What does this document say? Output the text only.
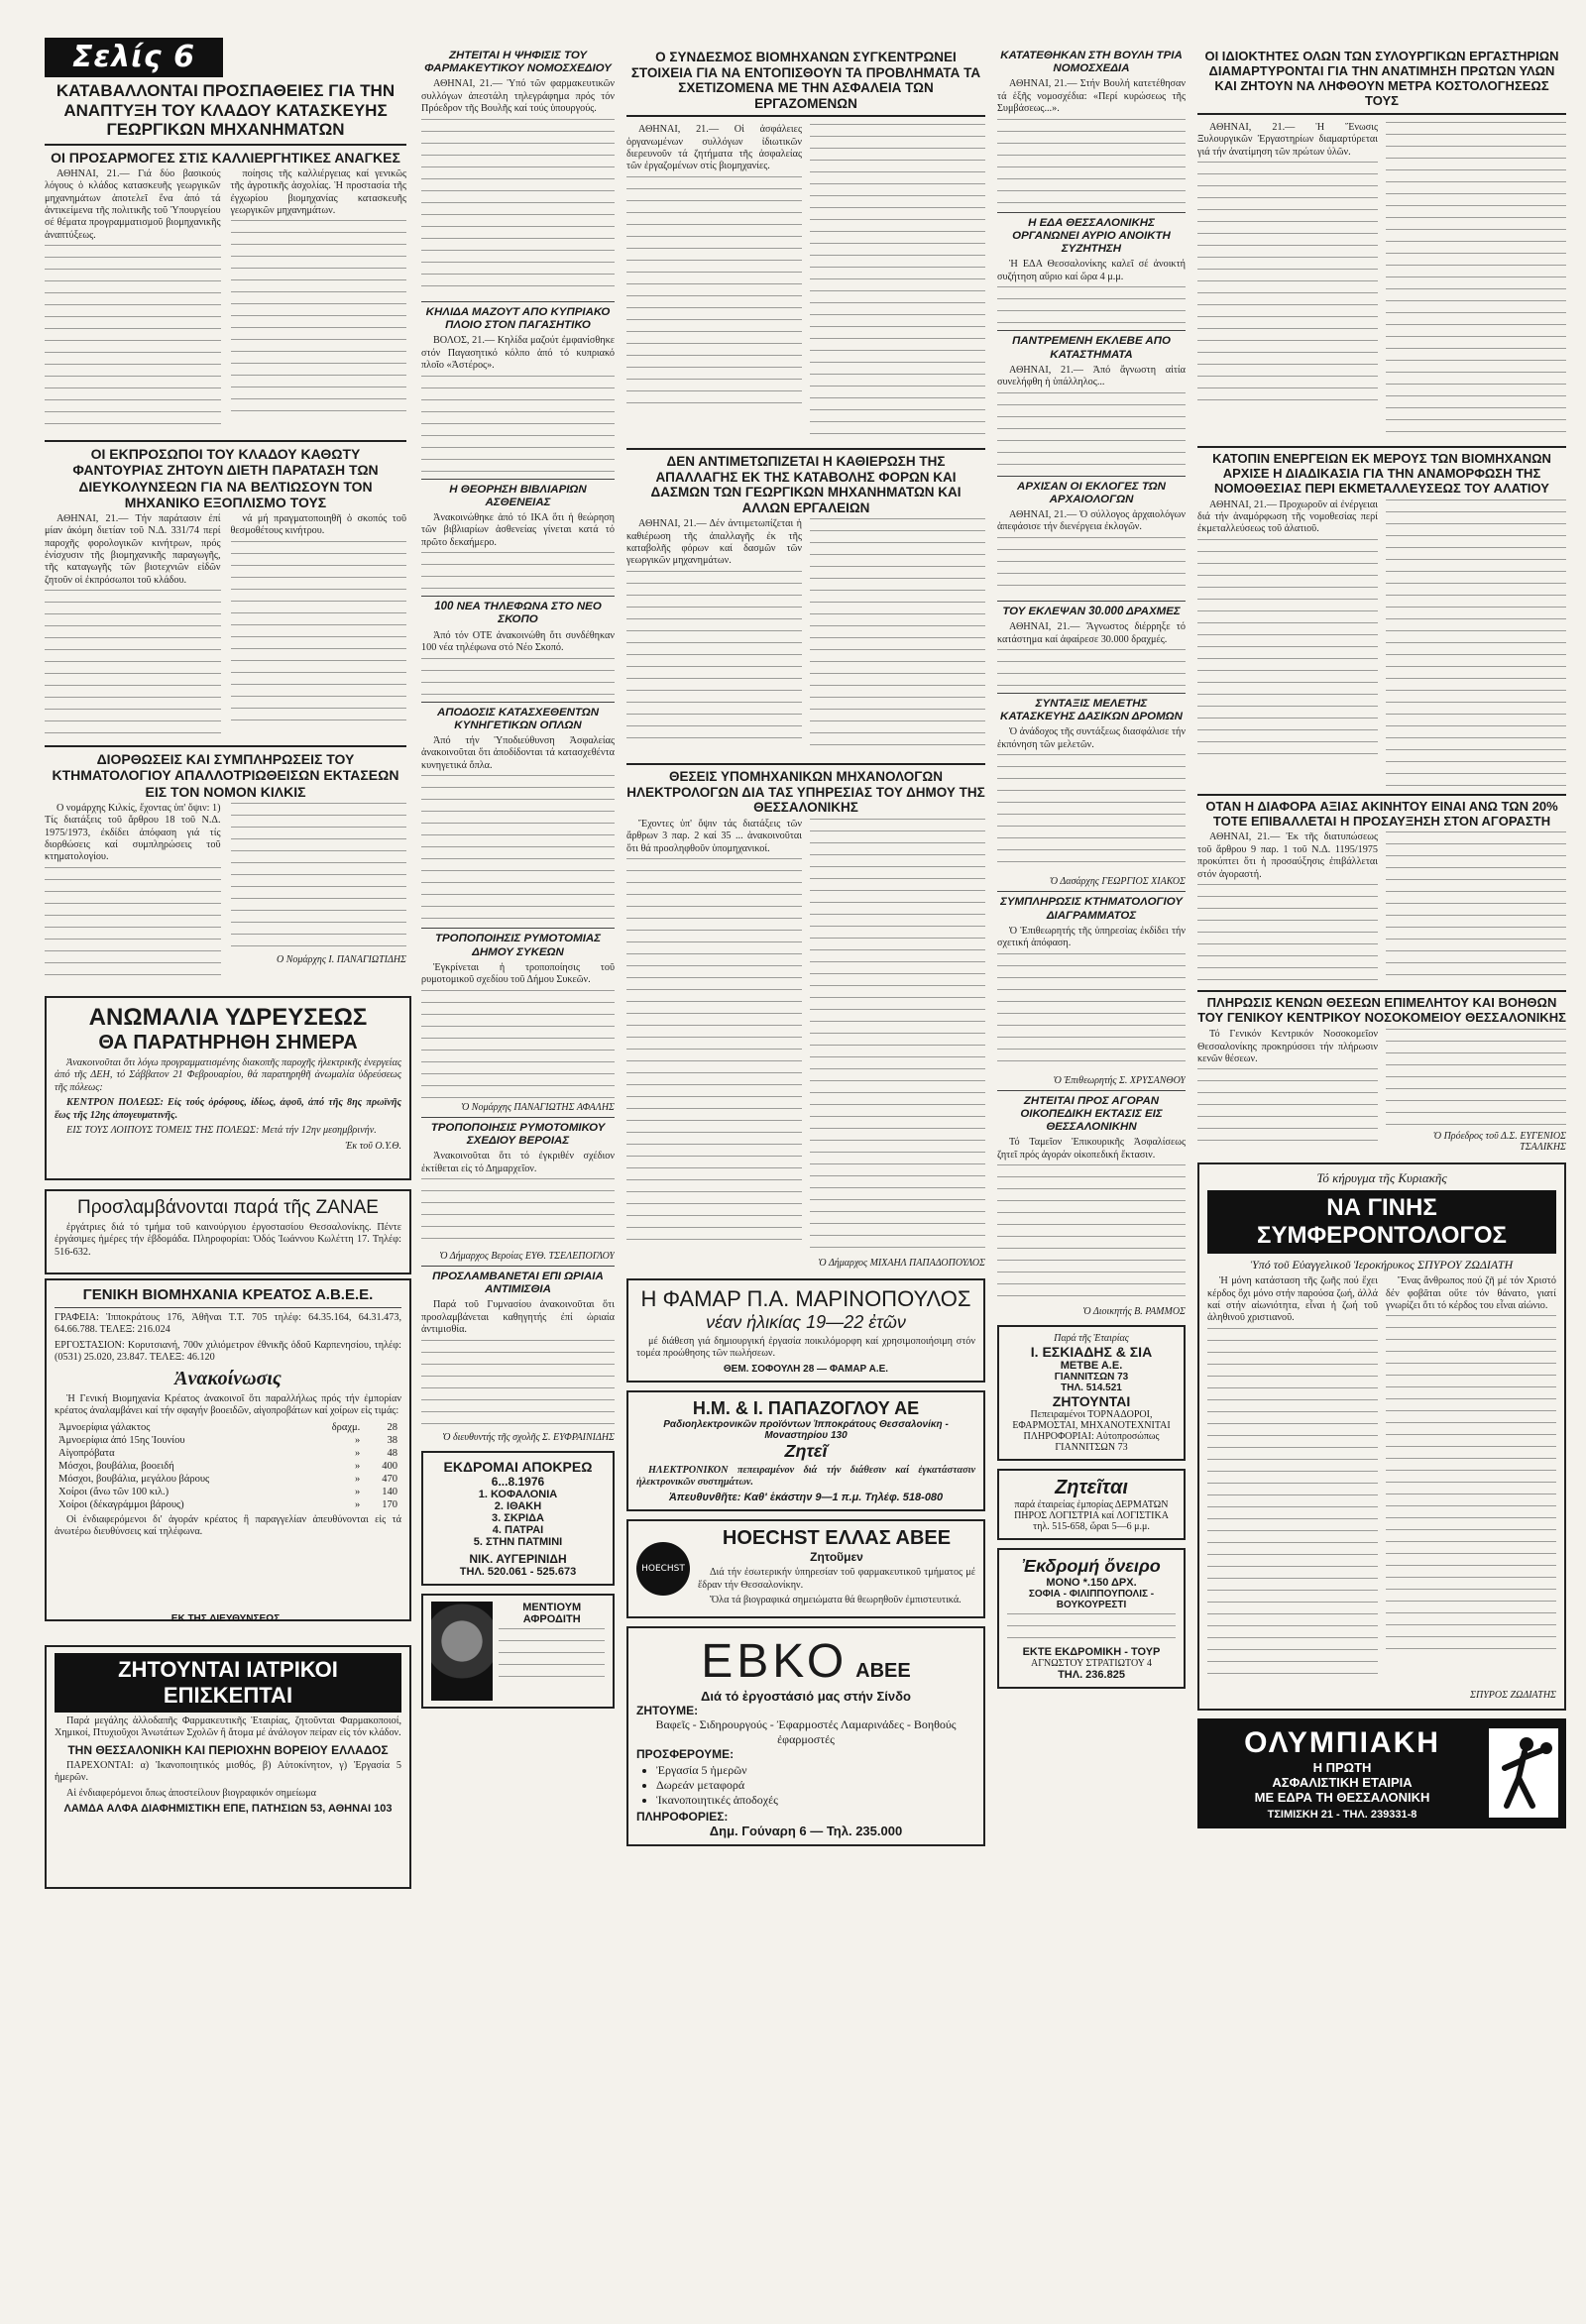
Σελίς 6
ΚΑΤΑΒΑΛΛΟΝΤΑΙ ΠΡΟΣΠΑΘΕΙΕΣ ΓΙΑ ΤΗΝ ΑΝΑΠΤΥΞΗ ΤΟΥ ΚΛΑΔΟΥ ΚΑΤΑΣΚΕΥΗΣ ΓΕΩΡΓΙΚΩΝ ΜΗΧΑΝΗΜΑΤΩΝ
ΟΙ ΠΡΟΣΑΡΜΟΓΕΣ ΣΤΙΣ ΚΑΛΛΙΕΡΓΗΤΙΚΕΣ ΑΝΑΓΚΕΣ

ΑΘΗΝΑΙ, 21.— Γιά δύο βασικούς λόγους ὁ κλάδος κατασκευῆς γεωργικῶν μηχανημάτων ἀποτελεῖ ἕνα ἀπό τά ἀντικείμενα τῆς πολιτικῆς τοῦ Ὑπουργείου σέ θέματα προγραμματισμοῦ βιομηχανικῆς ἀναπτύξεως.

ποίησις τῆς καλλιέργειας καί γενικῶς τῆς ἀγροτικῆς ἀσχολίας. Ἡ προστασία τῆς ἐγχωρίου βιομηχανίας κατασκευῆς γεωργικῶν μηχανημάτων.

ΟΙ ΕΚΠΡΟΣΩΠΟΙ ΤΟΥ ΚΛΑΔΟΥ ΚΑΘΩΤΥ ΦΑΝΤΟΥΡΙΑΣ ΖΗΤΟΥΝ ΔΙΕΤΗ ΠΑΡΑΤΑΣΗ ΤΩΝ ΔΙΕΥΚΟΛΥΝΣΕΩΝ ΓΙΑ ΝΑ ΒΕΛΤΙΩΣΟΥΝ ΤΟΝ ΜΗΧΑΝΙΚΟ ΕΞΟΠΛΙΣΜΟ ΤΟΥΣ

ΑΘΗΝΑΙ, 21.— Τήν παράτασιν ἐπί μίαν ἀκόμη διετίαν τοῦ Ν.Δ. 331/74 περί παροχῆς φορολογικῶν κινήτρων, πρός ἐνίσχυσιν τῆς βιομηχανικῆς παραγωγῆς, τῆς καταγωγῆς τῶν βιοτεχνιῶν εἰδῶν ζητοῦν οἱ ἐκπρόσωποι τοῦ κλάδου.

νά μή πραγματοποιηθῆ ὁ σκοπός τοῦ θεσμοθέτους κινήτρου.

ΔΙΟΡΘΩΣΕΙΣ ΚΑΙ ΣΥΜΠΛΗΡΩΣΕΙΣ ΤΟΥ ΚΤΗΜΑΤΟΛΟΓΙΟΥ ΑΠΑΛΛΟΤΡΙΩΘΕΙΣΩΝ ΕΚΤΑΣΕΩΝ ΕΙΣ ΤΟΝ ΝΟΜΟΝ ΚΙΛΚΙΣ

Ο νομάρχης Κιλκίς, ἔχοντας ὑπ' ὄψιν: 1) Τίς διατάξεις τοῦ ἄρθρου 18 τοῦ Ν.Δ. 1975/1973, ἐκδίδει ἀπόφαση γιά τίς διορθώσεις καί συμπληρώσεις τοῦ κτηματολογίου.

Ο Νομάρχης Ι. ΠΑΝΑΓΙΩΤΙΔΗΣ

ΑΝΩΜΑΛΙΑ ΥΔΡΕΥΣΕΩΣ
ΘΑ ΠΑΡΑΤΗΡΗΘΗ ΣΗΜΕΡΑ

Ἀνακοινοῦται ὅτι λόγω προγραμματισμένης διακοπῆς παροχῆς ἠλεκτρικῆς ἐνεργείας ἀπό τῆς ΔΕΗ, τό Σάββατον 21 Φεβρουαρίου, θά παρατηρηθῆ ἀνωμαλία ὑδρεύσεως τῆς πόλεως:

ΚΕΝΤΡΟΝ ΠΟΛΕΩΣ: Εἰς τούς ὀρόφους, ἰδίως, ἀφοῦ, ἀπό τῆς 8ης πρωϊνῆς ἕως τῆς 12ης ἀπογευματινῆς.

ΕΙΣ ΤΟΥΣ ΛΟΙΠΟΥΣ ΤΟΜΕΙΣ ΤΗΣ ΠΟΛΕΩΣ: Μετά τήν 12ην μεσημβρινήν.

Ἐκ τοῦ Ο.Υ.Θ.
Προσλαμβάνονται παρά τῆς ΖΑΝΑΕ

ἐργάτριες διά τό τμήμα τοῦ καινούργιου ἐργοστασίου Θεσσαλονίκης. Πέντε ἐργάσιμες ἡμέρες τήν ἑβδομάδα. Πληροφορίαι: Ὁδός Ἰωάννου Κωλέττη 17. Τηλέφ: 516-632.

ΓΕΝΙΚΗ ΒΙΟΜΗΧΑΝΙΑ ΚΡΕΑΤΟΣ Α.Β.Ε.Ε.

ΓΡΑΦΕΙΑ: Ἱπποκράτους 176, Ἀθῆναι Τ.Τ. 705 τηλέφ: 64.35.164, 64.31.473, 64.66.788. ΤΕΛΕΞ: 216.024

ΕΡΓΟΣΤΑΣΙΟΝ: Κορυτσιανή, 700ν χιλιόμετρον ἐθνικῆς ὁδοῦ Καρπενησίου, τηλέφ: (0531) 25.020, 23.847. ΤΕΛΕΞ: 46.120

Ἀνακοίνωσις

Ἡ Γενική Βιομηχανία Κρέατος ἀνακοινοῖ ὅτι παραλλήλως πρός τήν ἐμπορίαν κρέατος ἀναλαμβάνει καί τήν σφαγήν βοοειδῶν, αἰγοπροβάτων καί χοίρων εἰς τιμάς:

Ἀμνοερίφια γάλακτος	δραχμ.	28
Ἀμνοερίφια ἀπό 15ης Ἰουνίου	»	38
Αἰγοπρόβατα	»	48
Μόσχοι, βουβάλια, βοοειδή	»	400
Μόσχοι, βουβάλια, μεγάλου βάρους	»	470
Χοίροι (ἄνω τῶν 100 κιλ.)	»	140
Χοίροι (δέκαγράμμοι βάρους)	»	170

Οἱ ἐνδιαφερόμενοι δι' ἀγοράν κρέατος ἢ παραγγελίαν ἀπευθύνονται εἰς τά ἀνωτέρω διευθύνσεις καί τηλέφωνα.

ΕΚ ΤΗΣ ΔΙΕΥΘΥΝΣΕΩΣ
ΖΗΤΟΥΝΤΑΙ ΙΑΤΡΙΚΟΙ ΕΠΙΣΚΕΠΤΑΙ

Παρά μεγάλης ἀλλοδαπῆς Φαρμακευτικῆς Ἑταιρίας, ζητοῦνται Φαρμακοποιοί, Χημικοί, Πτυχιοῦχοι Ἀνωτάτων Σχολῶν ἢ ἄτομα μέ ἀνάλογον πείραν εἰς τόν κλάδον.

ΤΗΝ ΘΕΣΣΑΛΟΝΙΚΗ ΚΑΙ ΠΕΡΙΟΧΗΝ ΒΟΡΕΙΟΥ ΕΛΛΑΔΟΣ

ΠΑΡΕΧΟΝΤΑΙ: α) Ἱκανοποιητικός μισθός, β) Αὐτοκίνητον, γ) Ἐργασία 5 ἡμερῶν.

Αἱ ἐνδιαφερόμενοι ὅπως ἀποστείλουν βιογραφικόν σημείωμα

ΛΑΜΔΑ ΑΛΦΑ ΔΙΑΦΗΜΙΣΤΙΚΗ ΕΠΕ, ΠΑΤΗΣΙΩΝ 53, ΑΘΗΝΑΙ 103
ΖΗΤΕΙΤΑΙ Η ΨΗΦΙΣΙΣ ΤΟΥ ΦΑΡΜΑΚΕΥΤΙΚΟΥ ΝΟΜΟΣΧΕΔΙΟΥ

ΑΘΗΝΑΙ, 21.— Ὑπό τῶν φαρμακευτικῶν συλλόγων ἀπεστάλη τηλεγράφημα πρός τόν Πρόεδρον τῆς Βουλῆς καί τούς ὑπουργούς.

ΚΗΛΙΔΑ ΜΑΖΟΥΤ ΑΠΟ ΚΥΠΡΙΑΚΟ ΠΛΟΙΟ ΣΤΟΝ ΠΑΓΑΣΗΤΙΚΟ

ΒΟΛΟΣ, 21.— Κηλίδα μαζούτ ἐμφανίσθηκε στόν Παγασητικό κόλπο ἀπό τό κυπριακό πλοῖο «Ἀστέρος».

Η ΘΕΟΡΗΣΗ ΒΙΒΛΙΑΡΙΩΝ ΑΣΘΕΝΕΙΑΣ

Ἀνακοινώθηκε ἀπό τό ΙΚΑ ὅτι ἡ θεώρηση τῶν βιβλιαρίων ἀσθενείας γίνεται κατά τό πρῶτο δεκαήμερο.

100 ΝΕΑ ΤΗΛΕΦΩΝΑ ΣΤΟ ΝΕΟ ΣΚΟΠΟ

Ἀπό τόν ΟΤΕ ἀνακοινώθη ὅτι συνδέθηκαν 100 νέα τηλέφωνα στό Νέο Σκοπό.

ΑΠΟΔΟΣΙΣ ΚΑΤΑΣΧΕΘΕΝΤΩΝ ΚΥΝΗΓΕΤΙΚΩΝ ΟΠΛΩΝ

Ἀπό τήν Ὑποδιεύθυνση Ἀσφαλείας ἀνακοινοῦται ὅτι ἀποδίδονται τά κατασχεθέντα κυνηγετικά ὅπλα.

ΤΡΟΠΟΠΟΙΗΣΙΣ ΡΥΜΟΤΟΜΙΑΣ ΔΗΜΟΥ ΣΥΚΕΩΝ

Ἐγκρίνεται ἡ τροποποίησις τοῦ ρυμοτομικοῦ σχεδίου τοῦ Δήμου Συκεῶν.

Ὁ Νομάρχης ΠΑΝΑΓΙΩΤΗΣ ΑΦΑΛΗΣ

ΤΡΟΠΟΠΟΙΗΣΙΣ ΡΥΜΟΤΟΜΙΚΟΥ ΣΧΕΔΙΟΥ ΒΕΡΟΙΑΣ

Ἀνακοινοῦται ὅτι τό ἐγκριθέν σχέδιον ἐκτίθεται εἰς τό Δημαρχεῖον.

Ὁ Δήμαρχος Βεροίας ΕΥΘ. ΤΣΕΛΕΠΟΓΛΟΥ

ΠΡΟΣΛΑΜΒΑΝΕΤΑΙ ΕΠΙ ΩΡΙΑΙΑ ΑΝΤΙΜΙΣΘΙΑ

Παρά τοῦ Γυμνασίου ἀνακοινοῦται ὅτι προσλαμβάνεται καθηγητής ἐπί ὡριαία ἀντιμισθία.

Ὁ διευθυντής τῆς σχολῆς Σ. ΕΥΦΡΑΙΝΙΔΗΣ

ΕΚΔΡΟΜΑΙ ΑΠΟΚΡΕΩ
6...8.1976
1. ΚΟΦΑΛΟΝΙΑ
2. ΙΘΑΚΗ
3. ΣΚΡΙΔΑ
4. ΠΑΤΡΑΙ
5. ΣΤΗΝ ΠΑΤΜΙΝΙ
ΝΙΚ. ΑΥΓΕΡΙΝΙΔΗ
ΤΗΛ. 520.061 - 525.673
ΜΕΝΤΙΟΥΜ ΑΦΡΟΔΙΤΗ
Ο ΣΥΝΔΕΣΜΟΣ ΒΙΟΜΗΧΑΝΩΝ ΣΥΓΚΕΝΤΡΩΝΕΙ ΣΤΟΙΧΕΙΑ ΓΙΑ ΝΑ ΕΝΤΟΠΙΣΘΟΥΝ ΤΑ ΠΡΟΒΛΗΜΑΤΑ ΤΑ ΣΧΕΤΙΖΟΜΕΝΑ ΜΕ ΤΗΝ ΑΣΦΑΛΕΙΑ ΤΩΝ ΕΡΓΑΖΟΜΕΝΩΝ

ΑΘΗΝΑΙ, 21.— Οἱ ἀσφάλειες ὀργανωμένων συλλόγων ἰδιωτικῶν διερευνοῦν τά ζητήματα τῆς ἀσφαλείας τῶν ἐργαζομένων στίς βιομηχανίες.

ΔΕΝ ΑΝΤΙΜΕΤΩΠΙΖΕΤΑΙ Η ΚΑΘΙΕΡΩΣΗ ΤΗΣ ΑΠΑΛΛΑΓΗΣ ΕΚ ΤΗΣ ΚΑΤΑΒΟΛΗΣ ΦΟΡΩΝ ΚΑΙ ΔΑΣΜΩΝ ΤΩΝ ΓΕΩΡΓΙΚΩΝ ΜΗΧΑΝΗΜΑΤΩΝ ΚΑΙ ΑΛΛΩΝ ΕΡΓΑΛΕΙΩΝ

ΑΘΗΝΑΙ, 21.— Δέν ἀντιμετωπίζεται ἡ καθιέρωση τῆς ἀπαλλαγῆς ἐκ τῆς καταβολῆς φόρων καί δασμῶν τῶν γεωργικῶν μηχανημάτων.

ΘΕΣΕΙΣ ΥΠΟΜΗΧΑΝΙΚΩΝ ΜΗΧΑΝΟΛΟΓΩΝ ΗΛΕΚΤΡΟΛΟΓΩΝ ΔΙΑ ΤΑΣ ΥΠΗΡΕΣΙΑΣ ΤΟΥ ΔΗΜΟΥ ΤΗΣ ΘΕΣΣΑΛΟΝΙΚΗΣ

Ἔχοντες ὑπ' ὄψιν τάς διατάξεις τῶν ἄρθρων 3 παρ. 2 καί 35 ... ἀνακοινοῦται ὅτι θά προσληφθοῦν ὑπομηχανικοί.

Ὁ Δήμαρχος ΜΙΧΑΗΛ ΠΑΠΑΔΟΠΟΥΛΟΣ

Η ΦΑΜΑΡ Π.Α. ΜΑΡΙΝΟΠΟΥΛΟΣ
νέαν ἡλικίας 19—22 ἐτῶν

μέ διάθεση γιά δημιουργική ἐργασία ποικιλόμορφη καί χρησιμοποιήσιμη στόν τομέα προώθησης τῶν πωλήσεων.

ΘΕΜ. ΣΟΦΟΥΛΗ 28 — ΦΑΜΑΡ Α.Ε.
Η.Μ. & Ι. ΠΑΠΑΖΟΓΛΟΥ ΑΕ
Ραδιοηλεκτρονικῶν προϊόντων Ἰπποκράτους Θεσσαλονίκη - Μοναστηρίου 130
Ζητεῖ

ΗΛΕΚΤΡΟΝΙΚΟΝ πεπειραμένον διά τήν διάθεσιν καί ἐγκατάστασιν ἠλεκτρονικῶν συστημάτων.

Ἀπευθυνθῆτε: Καθ' ἑκάστην 9—1 π.μ. Τηλέφ. 518-080
HOECHST
HOECHST ΕΛΛΑΣ ΑΒΕΕ
Ζητοῦμεν

Διά τήν ἐσωτερικήν ὑπηρεσίαν τοῦ φαρμακευτικοῦ τμήματος μέ ἕδραν τήν Θεσσαλονίκην.

Ὅλα τά βιογραφικά σημειώματα θά θεωρηθοῦν ἐμπιστευτικά.

ΕΒΚΟ ΑΒΕΕ
Διά τό ἐργοστάσιό μας στήν Σίνδο
ΖΗΤΟΥΜΕ:
Βαφεῖς - Σιδηρουργούς - Ἐφαρμοστές Λαμαρινάδες - Βοηθούς ἐφαρμοστές
ΠΡΟΣΦΕΡΟΥΜΕ:
• Ἐργασία 5 ἡμερῶν
• Δωρεάν μεταφορά
• Ἱκανοποιητικές ἀποδοχές
ΠΛΗΡΟΦΟΡΙΕΣ:
Δημ. Γούναρη 6 — Τηλ. 235.000
ΚΑΤΑΤΕΘΗΚΑΝ ΣΤΗ ΒΟΥΛΗ ΤΡΙΑ ΝΟΜΟΣΧΕΔΙΑ

ΑΘΗΝΑΙ, 21.— Στήν Βουλή κατετέθησαν τά ἑξῆς νομοσχέδια: «Περί κυρώσεως τῆς Συμβάσεως...».

Η ΕΔΑ ΘΕΣΣΑΛΟΝΙΚΗΣ ΟΡΓΑΝΩΝΕΙ ΑΥΡΙΟ ΑΝΟΙΚΤΗ ΣΥΖΗΤΗΣΗ

Ἡ ΕΔΑ Θεσσαλονίκης καλεῖ σέ ἀνοικτή συζήτηση αὔριο καί ὥρα 4 μ.μ.

ΠΑΝΤΡΕΜΕΝΗ ΕΚΛΕΒΕ ΑΠΟ ΚΑΤΑΣΤΗΜΑΤΑ

ΑΘΗΝΑΙ, 21.— Ἀπό ἄγνωστη αἰτία συνελήφθη ἡ ὑπάλληλος...

ΑΡΧΙΣΑΝ ΟΙ ΕΚΛΟΓΕΣ ΤΩΝ ΑΡΧΑΙΟΛΟΓΩΝ

ΑΘΗΝΑΙ, 21.— Ὁ σύλλογος ἀρχαιολόγων ἀπεφάσισε τήν διενέργεια ἐκλογῶν.

ΤΟΥ ΕΚΛΕΨΑΝ 30.000 ΔΡΑΧΜΕΣ

ΑΘΗΝΑΙ, 21.— Ἄγνωστος διέρρηξε τό κατάστημα καί ἀφαίρεσε 30.000 δραχμές.

ΣΥΝΤΑΞΙΣ ΜΕΛΕΤΗΣ ΚΑΤΑΣΚΕΥΗΣ ΔΑΣΙΚΩΝ ΔΡΟΜΩΝ

Ὁ ἀνάδοχος τῆς συντάξεως διασφάλισε τήν ἐκπόνηση τῶν μελετῶν.

Ὁ Δασάρχης ΓΕΩΡΓΙΟΣ ΧΙΑΚΟΣ

ΣΥΜΠΛΗΡΩΣΙΣ ΚΤΗΜΑΤΟΛΟΓΙΟΥ ΔΙΑΓΡΑΜΜΑΤΟΣ

Ὁ Ἐπιθεωρητής τῆς ὑπηρεσίας ἐκδίδει τήν σχετική ἀπόφαση.

Ὁ Ἐπιθεωρητής Σ. ΧΡΥΣΑΝΘΟΥ

ΖΗΤΕΙΤΑΙ ΠΡΟΣ ΑΓΟΡΑΝ ΟΙΚΟΠΕΔΙΚΗ ΕΚΤΑΣΙΣ ΕΙΣ ΘΕΣΣΑΛΟΝΙΚΗΝ

Τό Ταμεῖον Ἐπικουρικῆς Ἀσφαλίσεως ζητεῖ πρός ἀγοράν οἰκοπεδική ἔκτασιν.

Ὁ Διοικητής Β. ΡΑΜΜΟΣ

Παρά τῆς Ἑταιρίας
Ι. ΕΣΚΙΑΔΗΣ & ΣΙΑ
ΜΕΤΒΕ Α.Ε.
ΓΙΑΝΝΙΤΣΩΝ 73
ΤΗΛ. 514.521
ΖΗΤΟΥΝΤΑΙ
Πεπειραμένοι ΤΟΡΝΑΔΟΡΟΙ, ΕΦΑΡΜΟΣΤΑΙ, ΜΗΧΑΝΟΤΕΧΝΙΤΑΙ
ΠΛΗΡΟΦΟΡΙΑΙ: Αὐτοπροσώπως ΓΙΑΝΝΙΤΣΩΝ 73
Ζητεῖται
παρά ἐταιρείας ἐμπορίας ΔΕΡΜΑΤΩΝ ΠΗΡΟΣ ΛΟΓΙΣΤΡΙΑ καί ΛΟΓΙΣΤΙΚΑ
τηλ. 515-658, ὥραι 5—6 μ.μ.
Ἐκδρομή ὄνειρο
ΜΟΝΟ *.150 ΔΡΧ.
ΣΟΦΙΑ - ΦΙΛΙΠΠΟΥΠΟΛΙΣ - ΒΟΥΚΟΥΡΕΣΤΙ
ΕΚΤΕ ΕΚΔΡΟΜΙΚΗ - ΤΟΥΡ
ΑΓΝΩΣΤΟΥ ΣΤΡΑΤΙΩΤΟΥ 4
ΤΗΛ. 236.825
ΟΙ ΙΔΙΟΚΤΗΤΕΣ ΟΛΩΝ ΤΩΝ ΣΥΛΟΥΡΓΙΚΩΝ ΕΡΓΑΣΤΗΡΙΩΝ ΔΙΑΜΑΡΤΥΡΟΝΤΑΙ ΓΙΑ ΤΗΝ ΑΝΑΤΙΜΗΣΗ ΠΡΩΤΩΝ ΥΛΩΝ ΚΑΙ ΖΗΤΟΥΝ ΝΑ ΛΗΦΘΟΥΝ ΜΕΤΡΑ ΚΟΣΤΟΛΟΓΗΣΕΩΣ ΤΟΥΣ

ΑΘΗΝΑΙ, 21.— Ἡ Ἕνωσις Ξυλουργικῶν Ἐργαστηρίων διαμαρτύρεται γιά τήν ἀνατίμηση τῶν πρώτων ὑλῶν.

ΚΑΤΟΠΙΝ ΕΝΕΡΓΕΙΩΝ ΕΚ ΜΕΡΟΥΣ ΤΩΝ ΒΙΟΜΗΧΑΝΩΝ ΑΡΧΙΣΕ Η ΔΙΑΔΙΚΑΣΙΑ ΓΙΑ ΤΗΝ ΑΝΑΜΟΡΦΩΣΗ ΤΗΣ ΝΟΜΟΘΕΣΙΑΣ ΠΕΡΙ ΕΚΜΕΤΑΛΛΕΥΣΕΩΣ ΤΟΥ ΑΛΑΤΙΟΥ

ΑΘΗΝΑΙ, 21.— Προχωροῦν αἱ ἐνέργειαι διά τήν ἀναμόρφωση τῆς νομοθεσίας περί ἐκμεταλλεύσεως τοῦ ἁλατιοῦ.

ΟΤΑΝ Η ΔΙΑΦΟΡΑ ΑΞΙΑΣ ΑΚΙΝΗΤΟΥ ΕΙΝΑΙ ΑΝΩ ΤΩΝ 20% ΤΟΤΕ ΕΠΙΒΑΛΛΕΤΑΙ Η ΠΡΟΣΑΥΞΗΣΗ ΣΤΟΝ ΑΓΟΡΑΣΤΗ

ΑΘΗΝΑΙ, 21.— Ἐκ τῆς διατυπώσεως τοῦ ἄρθρου 9 παρ. 1 τοῦ Ν.Δ. 1195/1975 προκύπτει ὅτι ἡ προσαύξησις ἐπιβάλλεται στόν ἀγοραστή.

ΠΛΗΡΩΣΙΣ ΚΕΝΩΝ ΘΕΣΕΩΝ ΕΠΙΜΕΛΗΤΟΥ ΚΑΙ ΒΟΗΘΩΝ ΤΟΥ ΓΕΝΙΚΟΥ ΚΕΝΤΡΙΚΟΥ ΝΟΣΟΚΟΜΕΙΟΥ ΘΕΣΣΑΛΟΝΙΚΗΣ

Τό Γενικόν Κεντρικόν Νοσοκομεῖον Θεσσαλονίκης προκηρύσσει τήν πλήρωσιν κενῶν θέσεων.

Ὁ Πρόεδρος τοῦ Δ.Σ. ΕΥΓΕΝΙΟΣ ΤΣΑΛΙΚΗΣ

Τό κήρυγμα τῆς Κυριακῆς
ΝΑ ΓΙΝΗΣ ΣΥΜΦΕΡΟΝΤΟΛΟΓΟΣ
Ὑπό τοῦ Εὐαγγελικοῦ Ἱεροκήρυκος ΣΠΥΡΟΥ ΖΩΔΙΑΤΗ

Ἡ μόνη κατάσταση τῆς ζωῆς πού ἔχει κέρδος ὄχι μόνο στήν παρούσα ζωή, ἀλλά καί στήν αἰωνιότητα, εἶναι ἡ ζωή τοῦ ἀληθινοῦ χριστιανοῦ.

Ἕνας ἄνθρωπος πού ζῆ μέ τόν Χριστό δέν φοβᾶται οὔτε τόν θάνατο, γιατί γνωρίζει ὅτι τό κέρδος του εἶναι αἰώνιο.

ΣΠΥΡΟΣ ΖΩΔΙΑΤΗΣ
ΟΛΥΜΠΙΑΚΗ
Η ΠΡΩΤΗ
ΑΣΦΑΛΙΣΤΙΚΗ ΕΤΑΙΡΙΑ
ΜΕ ΕΔΡΑ ΤΗ ΘΕΣΣΑΛΟΝΙΚΗ
ΤΣΙΜΙΣΚΗ 21 - ΤΗΛ. 239331-8
